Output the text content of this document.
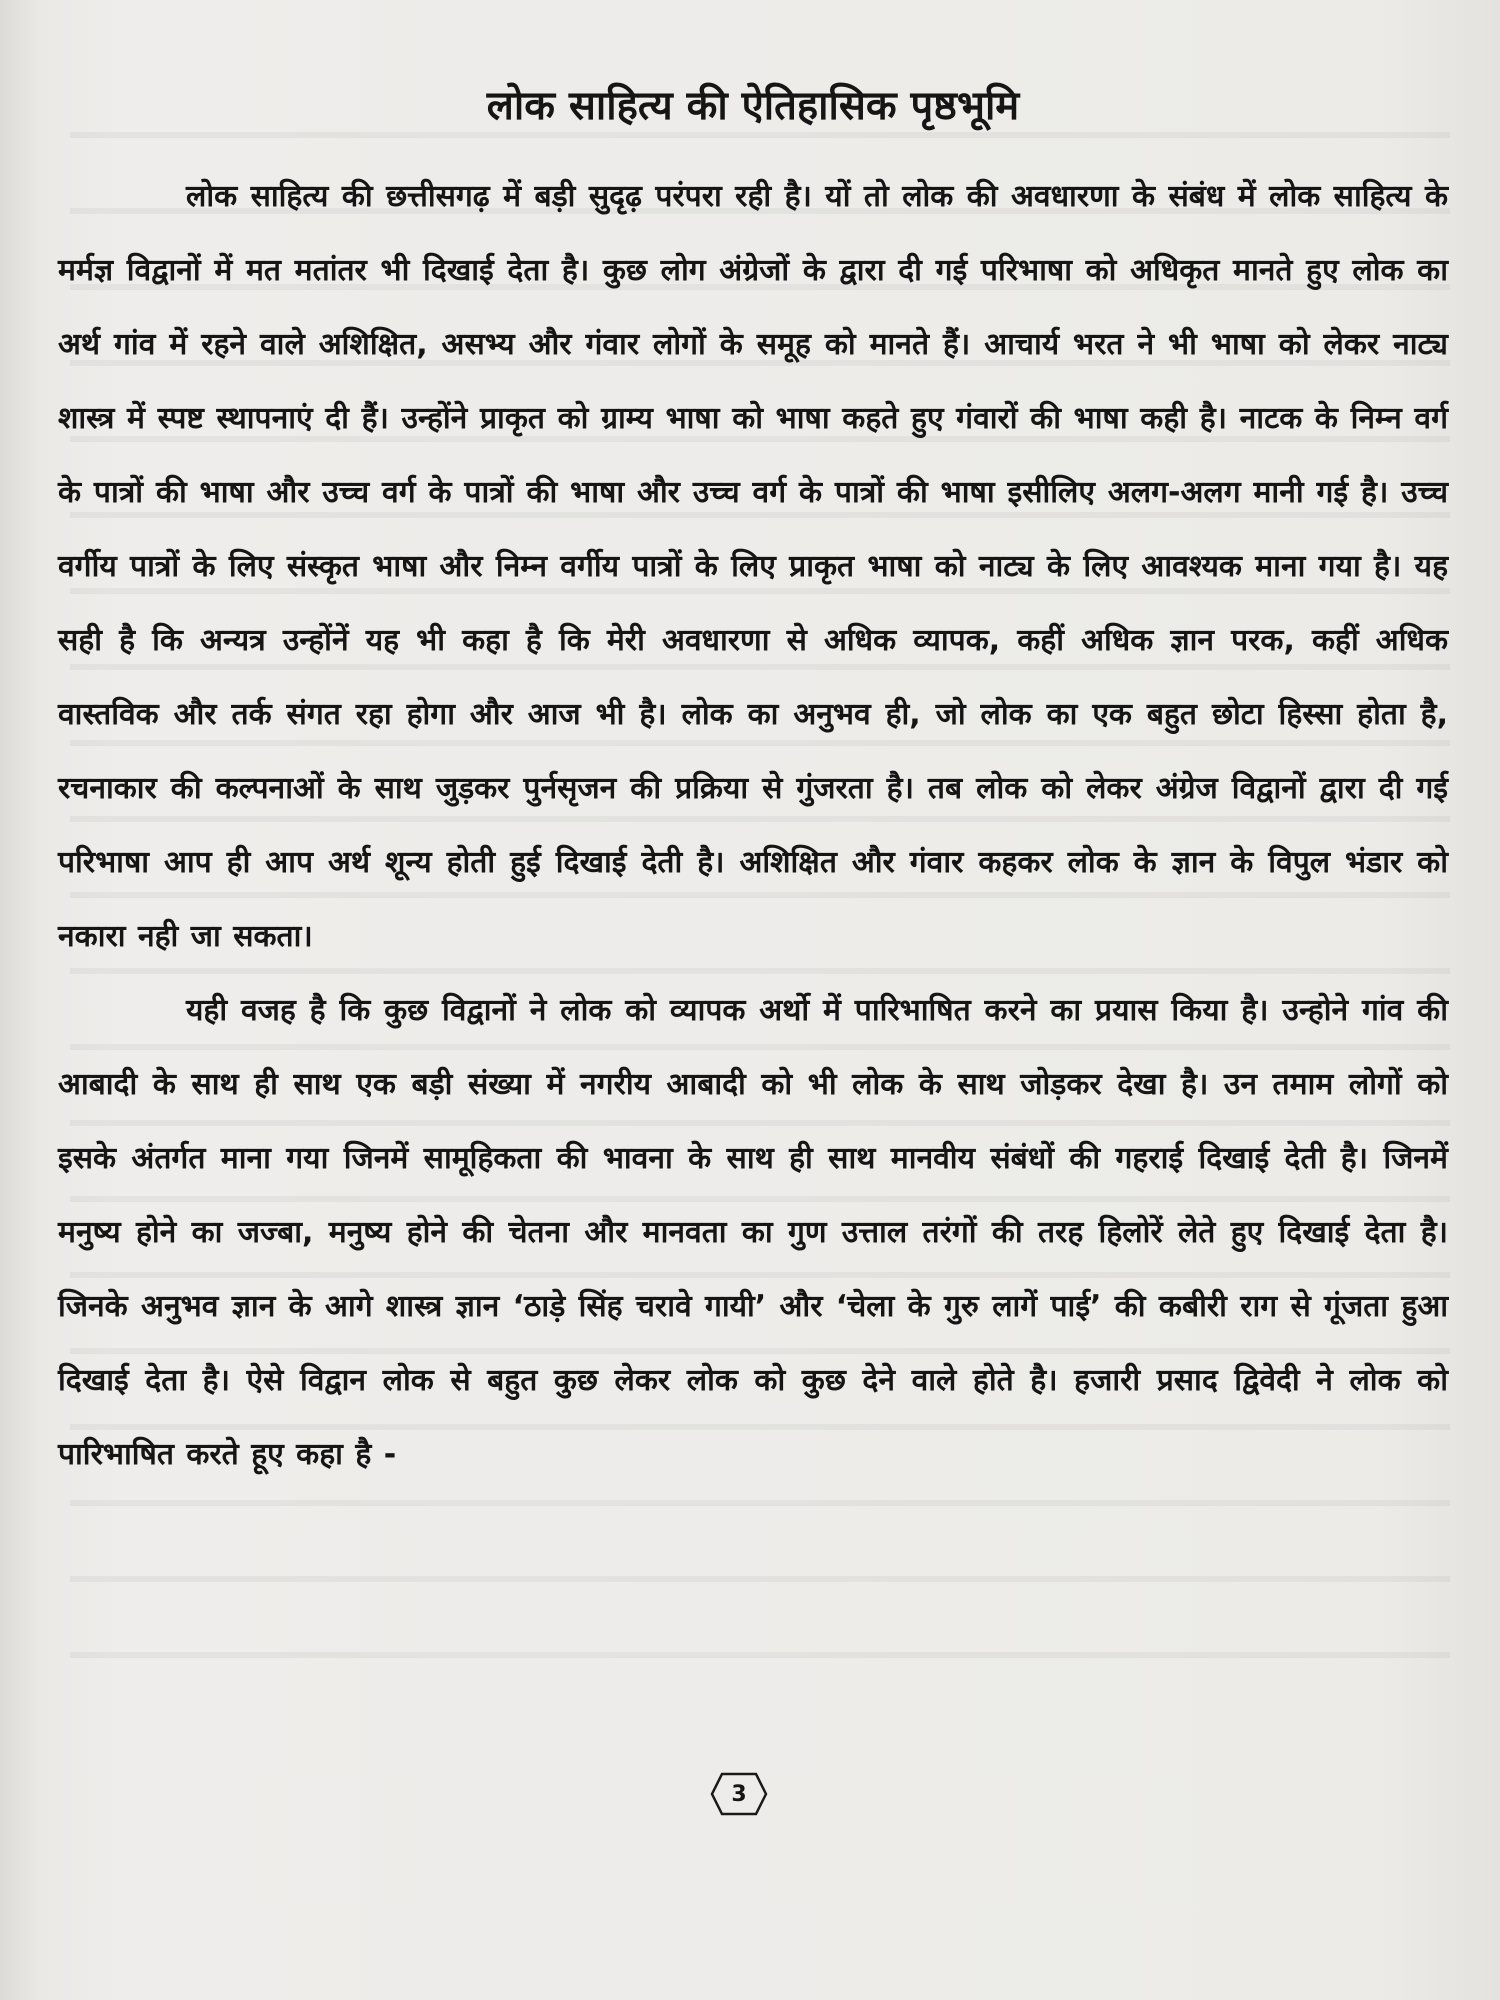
लोक साहित्य की ऐतिहासिक पृष्ठभूमि

लोक साहित्य की छत्तीसगढ़ में बड़ी सुदृढ़ परंपरा रही है। यों तो लोक की अवधारणा के संबंध में लोक साहित्य के मर्मज्ञ विद्वानों में मत मतांतर भी दिखाई देता है। कुछ लोग अंग्रेजों के द्वारा दी गई परिभाषा को अधिकृत मानते हुए लोक का अर्थ गांव में रहने वाले अशिक्षित, असभ्य और गंवार लोगों के समूह को मानते हैं। आचार्य भरत ने भी भाषा को लेकर नाट्य शास्त्र में स्पष्ट स्थापनाएं दी हैं। उन्होंने प्राकृत को ग्राम्य भाषा को भाषा कहते हुए गंवारों की भाषा कही है। नाटक के निम्न वर्ग के पात्रों की भाषा और उच्च वर्ग के पात्रों की भाषा और उच्च वर्ग के पात्रों की भाषा इसीलिए अलग-अलग मानी गई है। उच्च वर्गीय पात्रों के लिए संस्कृत भाषा और निम्न वर्गीय पात्रों के लिए प्राकृत भाषा को नाट्य के लिए आवश्यक माना गया है। यह सही है कि अन्यत्र उन्होंनें यह भी कहा है कि मेरी अवधारणा से अधिक व्यापक, कहीं अधिक ज्ञान परक, कहीं अधिक वास्तविक और तर्क संगत रहा होगा और आज भी है। लोक का अनुभव ही, जो लोक का एक बहुत छोटा हिस्सा होता है, रचनाकार की कल्पनाओं के साथ जुड़कर पुर्नसृजन की प्रक्रिया से गुंजरता है। तब लोक को लेकर अंग्रेज विद्वानों द्वारा दी गई परिभाषा आप ही आप अर्थ शून्य होती हुई दिखाई देती है। अशिक्षित और गंवार कहकर लोक के ज्ञान के विपुल भंडार को नकारा नही जा सकता।

यही वजह है कि कुछ विद्वानों ने लोक को व्यापक अर्थो में पारिभाषित करने का प्रयास किया है। उन्होने गांव की आबादी के साथ ही साथ एक बड़ी संख्या में नगरीय आबादी को भी लोक के साथ जोड़कर देखा है। उन तमाम लोगों को इसके अंतर्गत माना गया जिनमें सामूहिकता की भावना के साथ ही साथ मानवीय संबंधों की गहराई दिखाई देती है। जिनमें मनुष्य होने का जज्बा, मनुष्य होने की चेतना और मानवता का गुण उत्ताल तरंगों की तरह हिलोरें लेते हुए दिखाई देता है। जिनके अनुभव ज्ञान के आगे शास्त्र ज्ञान ‘ठाड़े सिंह चरावे गायी’ और ‘चेला के गुरु लागें पाई’ की कबीरी राग से गूंजता हुआ दिखाई देता है। ऐसे विद्वान लोक से बहुत कुछ लेकर लोक को कुछ देने वाले होते है। हजारी प्रसाद द्विवेदी ने लोक को पारिभाषित करते हूए कहा है -

3
